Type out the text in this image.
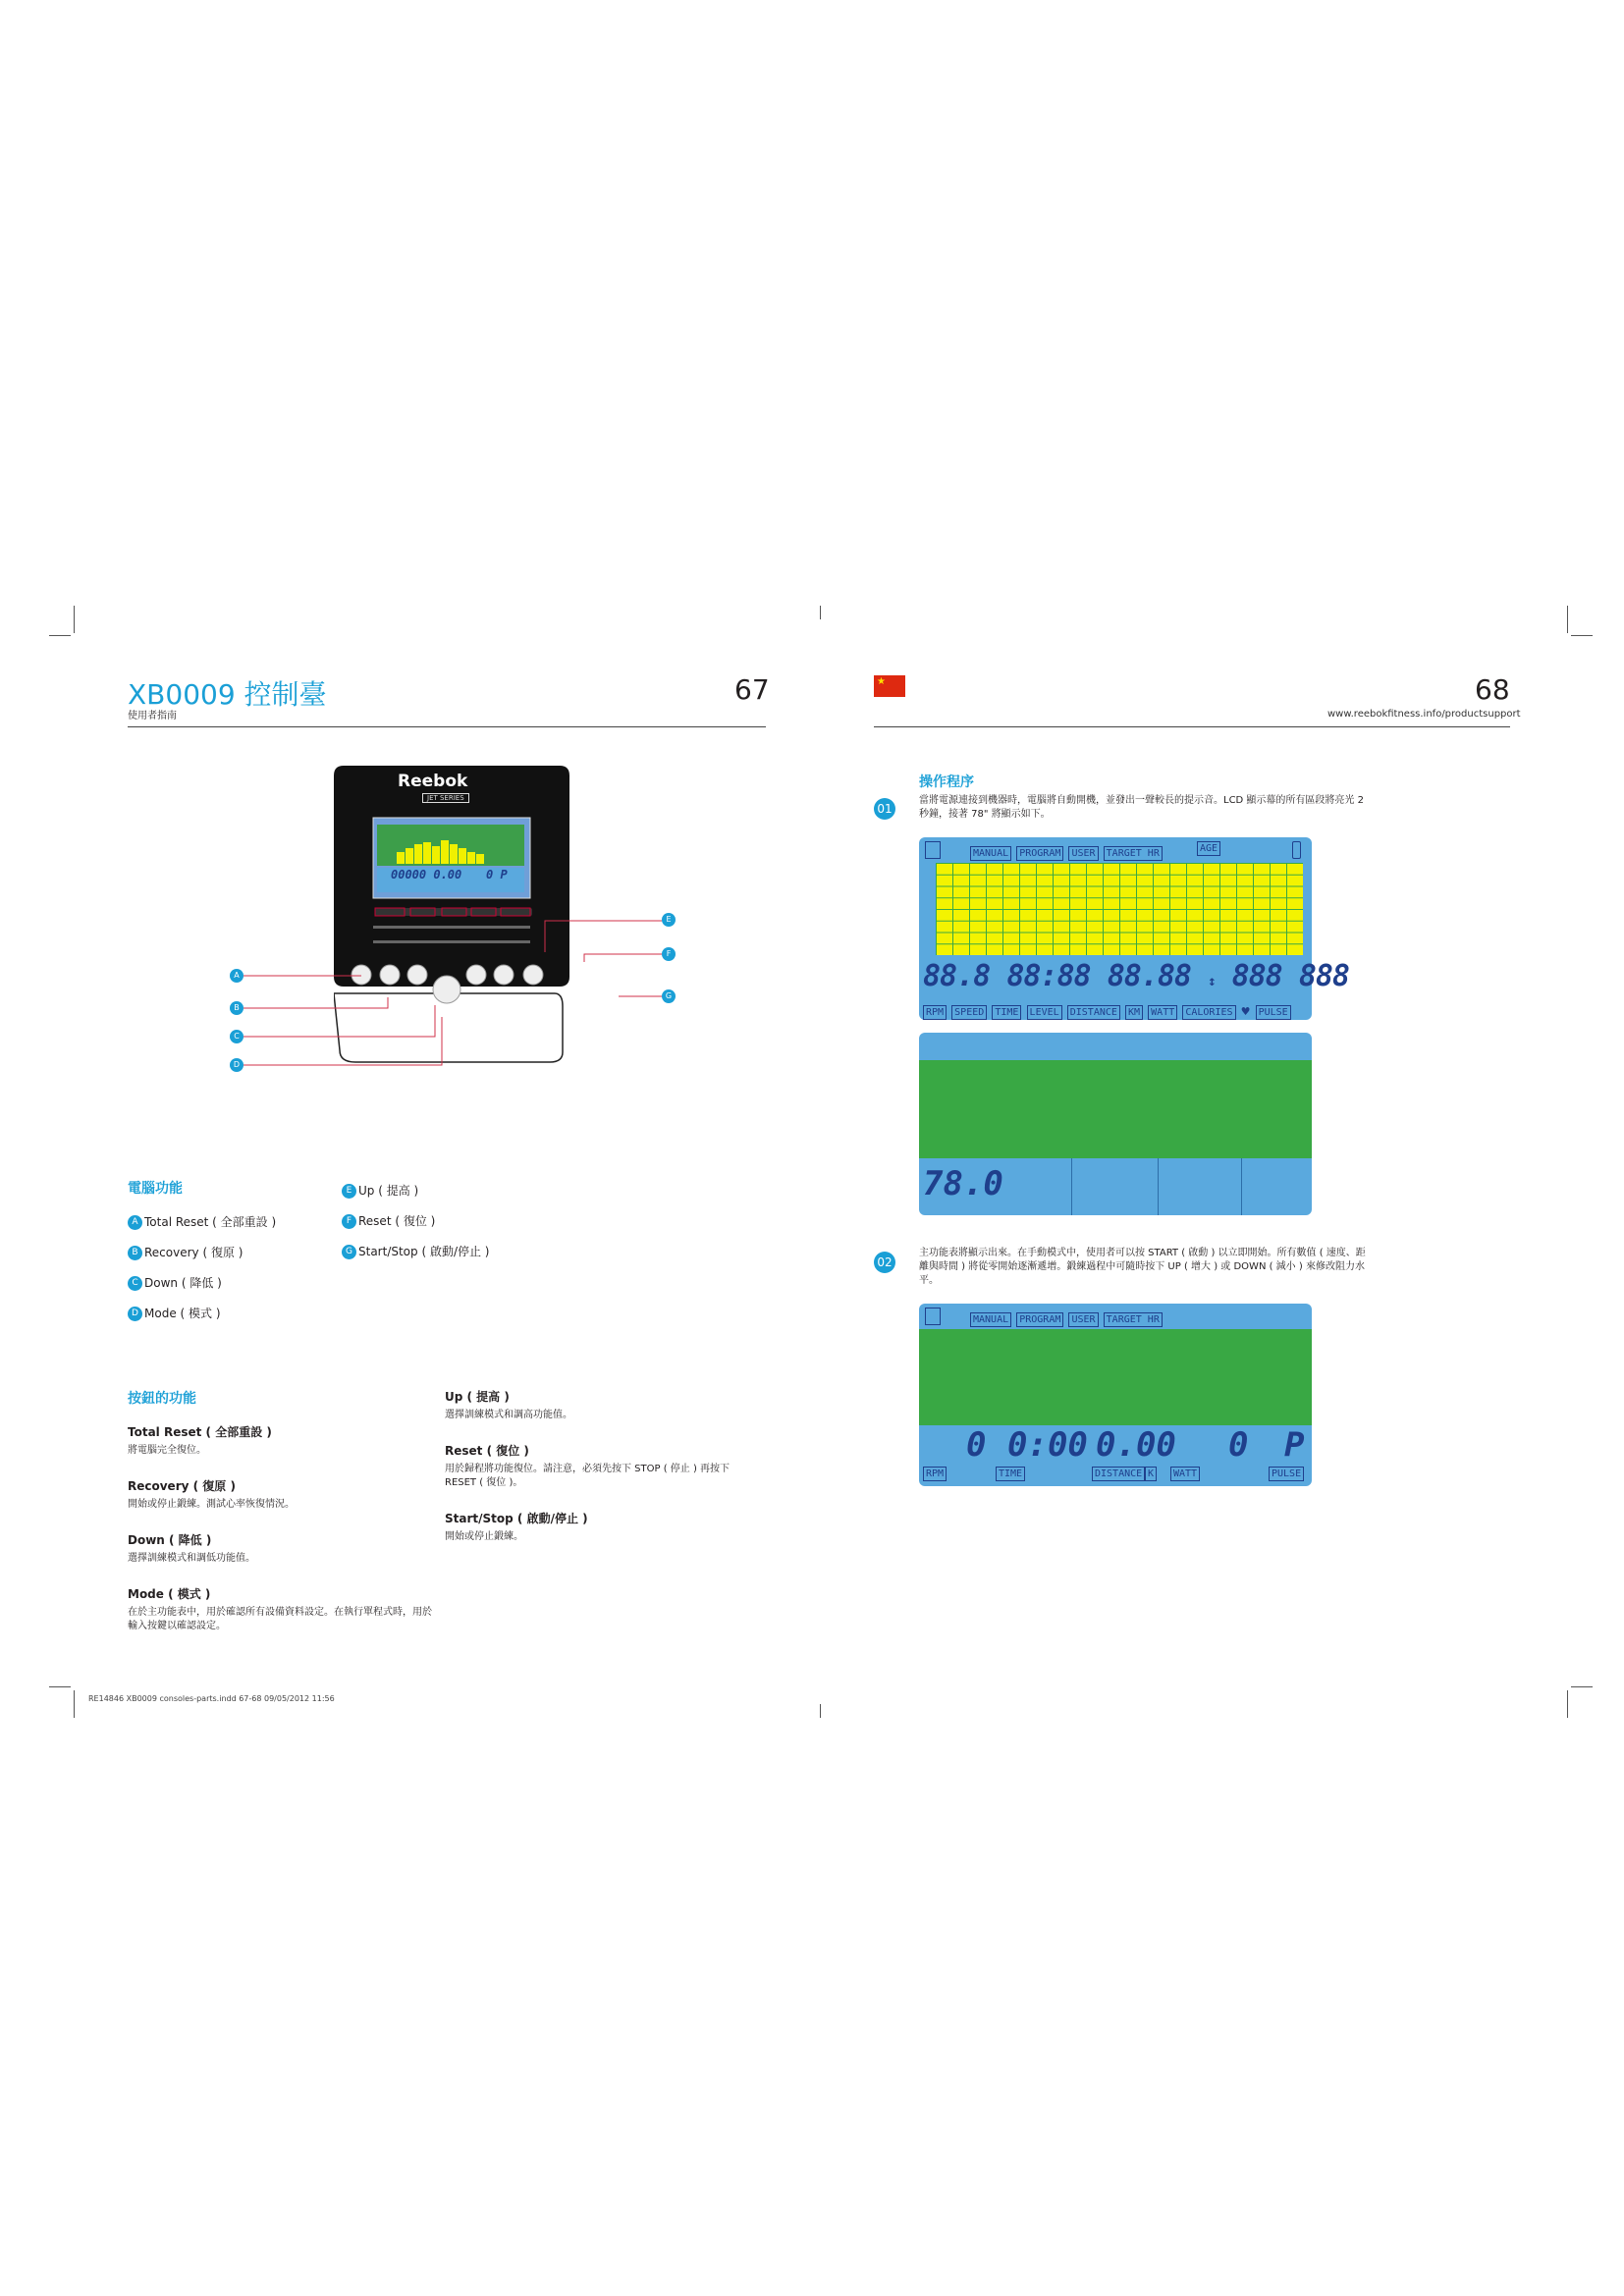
XB0009 控制臺
使用者指南
67
Reebok
JET SERIES
00000 0.00 0 P
A
B
C
D
E
F
G
電腦功能
A Total Reset ( 全部重設 )
B Recovery ( 復原 )
C Down ( 降低 )
D Mode ( 模式 )
E Up ( 提高 )
F Reset ( 復位 )
G Start/Stop ( 啟動/停止 )
按鈕的功能
Total Reset ( 全部重設 )
將電腦完全復位。
Recovery ( 復原 )
開始或停止鍛練。測試心率恢復情況。
Down ( 降低 )
選擇訓練模式和調低功能值。
Mode ( 模式 )
在於主功能表中，用於確認所有設備資料設定。在執行單程式時，用於輸入按鍵以確認設定。
Up ( 提高 )
選擇訓練模式和調高功能值。
Reset ( 復位 )
用於歸程將功能復位。請注意，必須先按下 STOP ( 停止 ) 再按下 RESET ( 復位 )。
Start/Stop ( 啟動/停止 )
開始或停止鍛練。
RE14846 XB0009 consoles-parts.indd 67-68 09/05/2012 11:56
★	68
www.reebokfitness.info/productsupport
操作程序
01
當將電源連接到機器時，電腦將自動開機，並發出一聲較長的提示音。LCD 顯示幕的所有區段將亮光 2 秒鐘，接著 78" 將顯示如下。
MANUAL PROGRAM USER TARGET HR	AGE
88.8 88:88 88.88 ↕ 888 888
RPM SPEED TIME LEVEL DISTANCE KM WATT CALORIES ♥ PULSE
78.0
02
主功能表將顯示出來。在手動模式中，使用者可以按 START ( 啟動 ) 以立即開始。所有數值 ( 速度、距離與時間 ) 將從零開始逐漸遞增。鍛練過程中可隨時按下 UP ( 增大 ) 或 DOWN ( 減小 ) 來修改阻力水平。
MANUAL PROGRAM USER TARGET HR
0 0:00 0.00 0 P
RPM	TIME	DISTANCE K	WATT	PULSE
